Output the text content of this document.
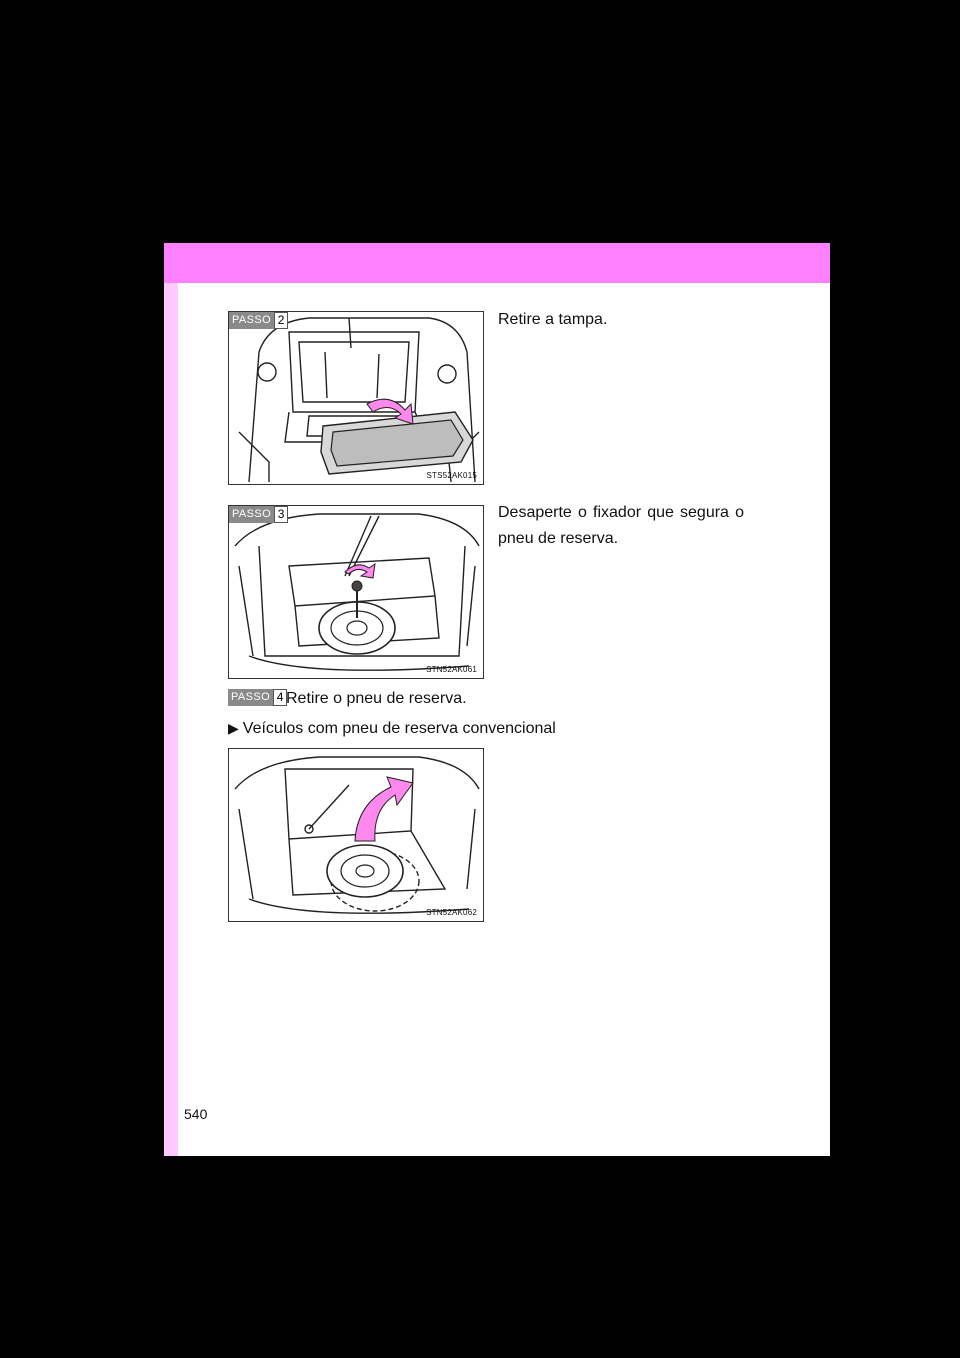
PASSO 2
STS52AK015

Retire a tampa.

PASSO 3
STN52AK061

Desaperte o fixador que segura o pneu de reserva.

PASSO 4 Retire o pneu de reserva.

▶ Veículos com pneu de reserva convencional

STN52AK062
540
